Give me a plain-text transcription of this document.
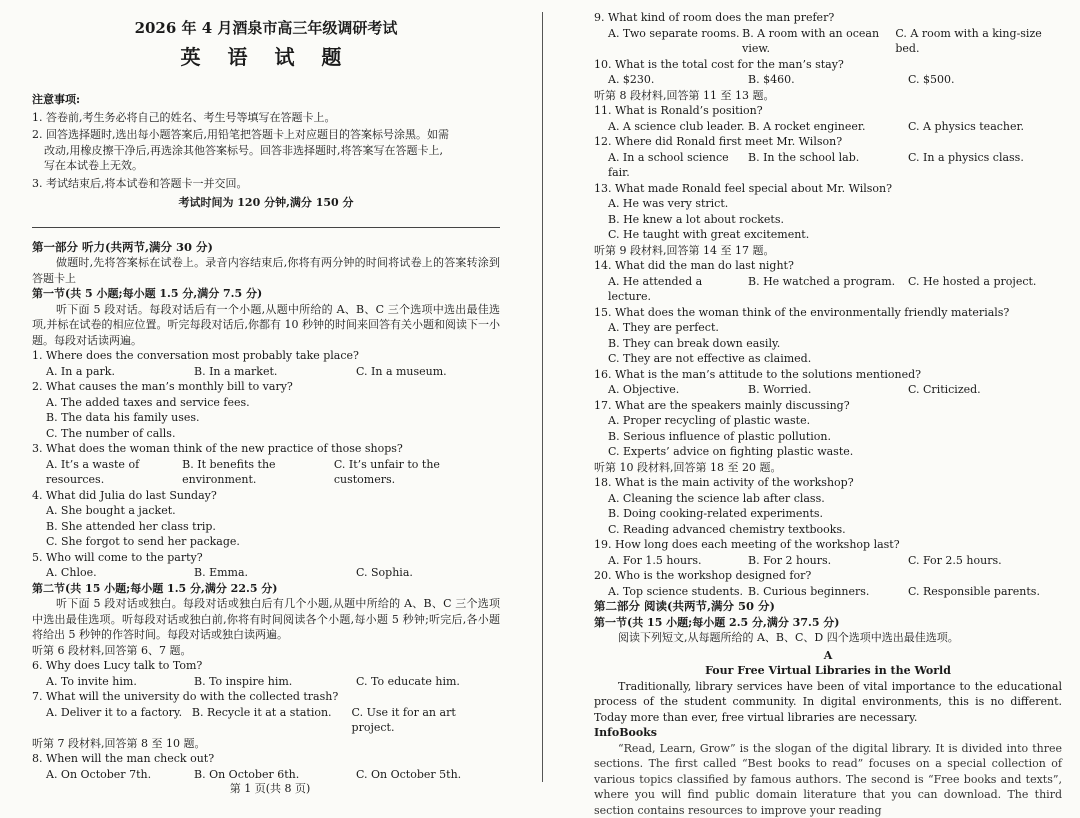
2026 年 4 月酒泉市高三年级调研考试
英 语 试 题
注意事项:
1. 答卷前,考生务必将自己的姓名、考生号等填写在答题卡上。
2. 回答选择题时,选出每小题答案后,用铅笔把答题卡上对应题目的答案标号涂黑。如需
改动,用橡皮擦干净后,再选涂其他答案标号。回答非选择题时,将答案写在答题卡上,
写在本试卷上无效。
3. 考试结束后,将本试卷和答题卡一并交回。
考试时间为 120 分钟,满分 150 分
第一部分 听力(共两节,满分 30 分)
做题时,先将答案标在试卷上。录音内容结束后,你将有两分钟的时间将试卷上的答案转涂到答题卡上
第一节(共 5 小题;每小题 1.5 分,满分 7.5 分)
听下面 5 段对话。每段对话后有一个小题,从题中所给的 A、B、C 三个选项中选出最佳选项,并标在试卷的相应位置。听完每段对话后,你都有 10 秒钟的时间来回答有关小题和阅读下一小题。每段对话读两遍。
1. Where does the conversation most probably take place?
A. In a park.	B. In a market.	C. In a museum.
2. What causes the man’s monthly bill to vary?
A. The added taxes and service fees.
B. The data his family uses.
C. The number of calls.
3. What does the woman think of the new practice of those shops?
A. It’s a waste of resources.
B. It benefits the environment.
C. It’s unfair to the customers.
4. What did Julia do last Sunday?
A. She bought a jacket.
B. She attended her class trip.
C. She forgot to send her package.
5. Who will come to the party?
A. Chloe.	B. Emma.	C. Sophia.
第二节(共 15 小题;每小题 1.5 分,满分 22.5 分)
听下面 5 段对话或独白。每段对话或独白后有几个小题,从题中所给的 A、B、C 三个选项中选出最佳选项。听每段对话或独白前,你将有时间阅读各个小题,每小题 5 秒钟;听完后,各小题将给出 5 秒钟的作答时间。每段对话或独白读两遍。
听第 6 段材料,回答第 6、7 题。
6. Why does Lucy talk to Tom?
A. To invite him.	B. To inspire him.	C. To educate him.
7. What will the university do with the collected trash?
A. Deliver it to a factory. B. Recycle it at a station.	C. Use it for an art project.
听第 7 段材料,回答第 8 至 10 题。
8. When will the man check out?
A. On October 7th.	B. On October 6th.	C. On October 5th.
9. What kind of room does the man prefer?
A. Two separate rooms. B. A room with an ocean view.
C. A room with a king-size bed.
10. What is the total cost for the man’s stay?
A. $230.	B. $460.	C. $500.
听第 8 段材料,回答第 11 至 13 题。
11. What is Ronald’s position?
A. A science club leader. B. A rocket engineer.	C. A physics teacher.
12. Where did Ronald first meet Mr. Wilson?
A. In a school science fair.
B. In the school lab.	C. In a physics class.
13. What made Ronald feel special about Mr. Wilson?
A. He was very strict.
B. He knew a lot about rockets.
C. He taught with great excitement.
听第 9 段材料,回答第 14 至 17 题。
14. What did the man do last night?
A. He attended a lecture.
B. He watched a program.	C. He hosted a project.
15. What does the woman think of the environmentally friendly materials?
A. They are perfect.
B. They can break down easily.
C. They are not effective as claimed.
16. What is the man’s attitude to the solutions mentioned?
A. Objective.	B. Worried.	C. Criticized.
17. What are the speakers mainly discussing?
A. Proper recycling of plastic waste.
B. Serious influence of plastic pollution.
C. Experts’ advice on fighting plastic waste.
听第 10 段材料,回答第 18 至 20 题。
18. What is the main activity of the workshop?
A. Cleaning the science lab after class.
B. Doing cooking-related experiments.
C. Reading advanced chemistry textbooks.
19. How long does each meeting of the workshop last?
A. For 1.5 hours.	B. For 2 hours.	C. For 2.5 hours.
20. Who is the workshop designed for?
A. Top science students. B. Curious beginners.	C. Responsible parents.
第二部分 阅读(共两节,满分 50 分)
第一节(共 15 小题;每小题 2.5 分,满分 37.5 分)
阅读下列短文,从每题所给的 A、B、C、D 四个选项中选出最佳选项。
A
Four Free Virtual Libraries in the World
Traditionally, library services have been of vital importance to the educational process of the student community. In digital environments, this is no different. Today more than ever, free virtual libraries are necessary.
InfoBooks
“Read, Learn, Grow” is the slogan of the digital library. It is divided into three sections. The first called “Best books to read” focuses on a special collection of various topics classified by famous authors. The second is “Free books and texts”, where you will find public domain literature that you can download. The third section contains resources to improve your reading
第 1 页(共 8 页)
